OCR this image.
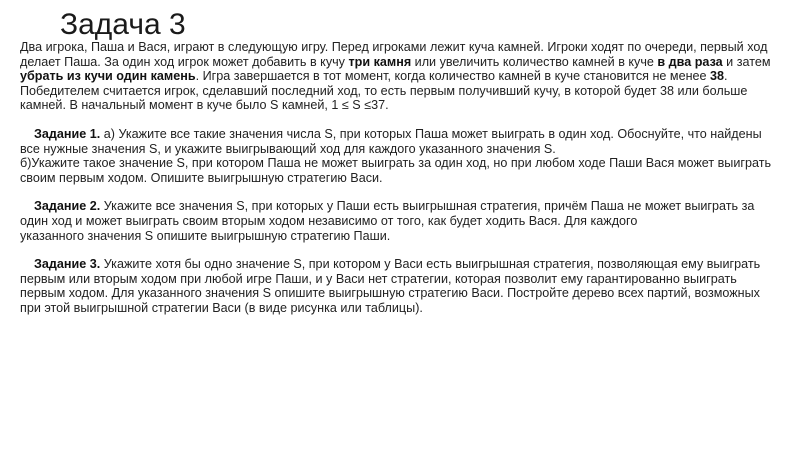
Задача 3

Два игрока, Паша и Вася, играют в следующую игру. Перед игроками лежит куча камней. Игроки ходят по очереди, первый ход делает Паша. За один ход игрок может добавить в кучу три камня или увеличить количество камней в куче в два раза и затем убрать из кучи один камень. Игра завершается в тот момент, когда количество камней в куче становится не менее 38. Победителем считается игрок, сделавший последний ход, то есть первым получивший кучу, в которой будет 38 или больше камней. В начальный момент в куче было S камней, 1 ≤ S ≤37.

Задание 1. а) Укажите все такие значения числа S, при которых Паша может выиграть в один ход. Обоснуйте, что найдены все нужные значения S, и укажите выигрывающий ход для каждого указанного значения S.

б)Укажите такое значение S, при котором Паша не может выиграть за один ход, но при любом ходе Паши Вася может выиграть своим первым ходом. Опишите выигрышную стратегию Васи.

Задание 2. Укажите все значения S, при которых у Паши есть выигрышная стратегия, причём Паша не может выиграть за один ход и может выиграть своим вторым ходом независимо от того, как будет ходить Вася. Для каждого

указанного значения S опишите выигрышную стратегию Паши.

Задание 3. Укажите хотя бы одно значение S, при котором у Васи есть выигрышная стратегия, позволяющая ему выиграть первым или вторым ходом при любой игре Паши, и у Васи нет стратегии, которая позволит ему гарантированно выиграть первым ходом. Для указанного значения S опишите выигрышную стратегию Васи. Постройте дерево всех партий, возможных при этой выигрышной стратегии Васи (в виде рисунка или таблицы).
